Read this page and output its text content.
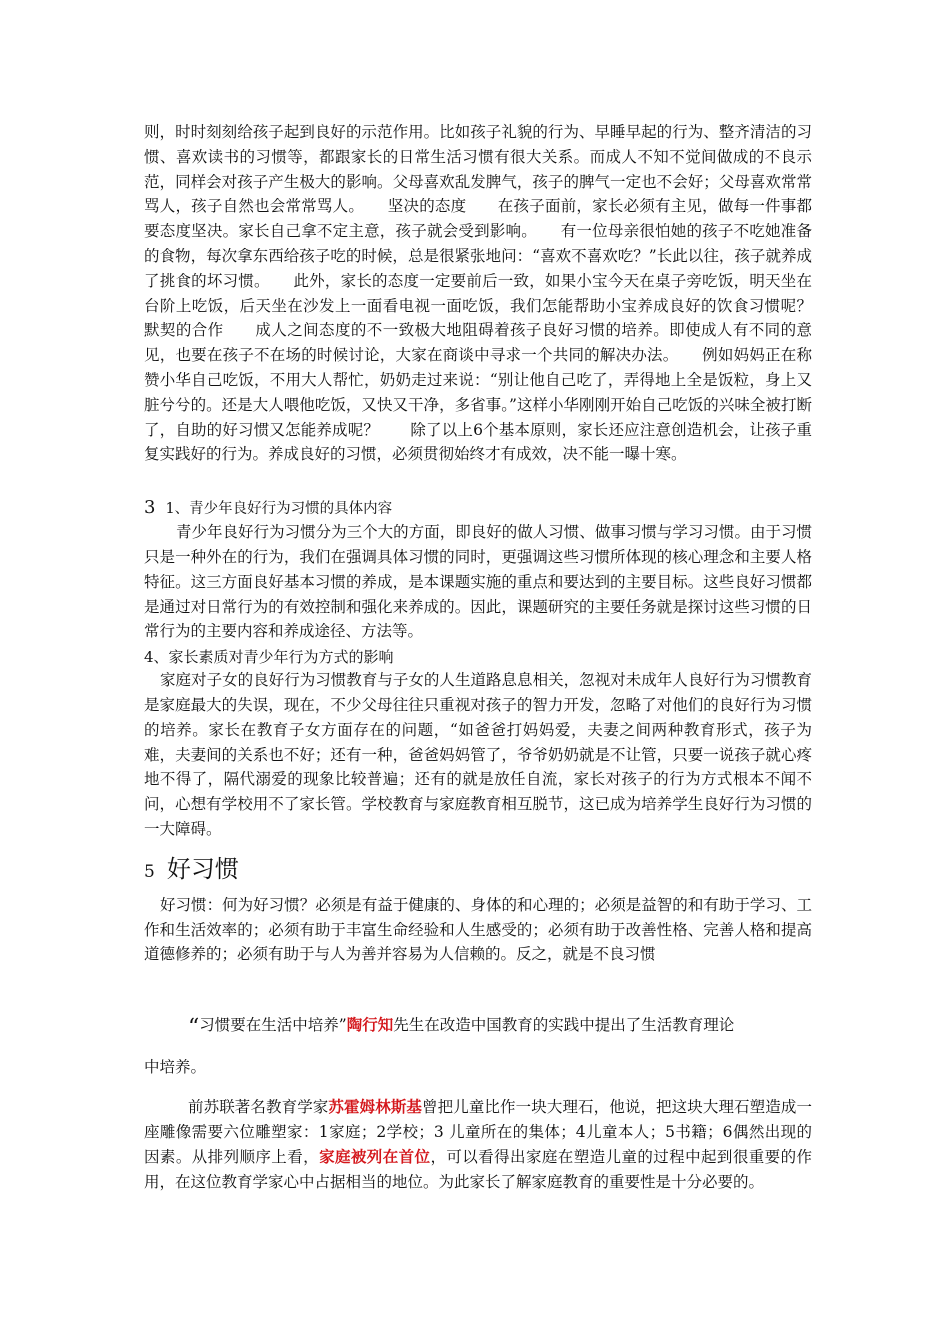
则，时时刻刻给孩子起到良好的示范作用。比如孩子礼貌的行为、早睡早起的行为、整齐清洁的习惯、喜欢读书的习惯等，都跟家长的日常生活习惯有很大关系。而成人不知不觉间做成的不良示范，同样会对孩子产生极大的影响。父母喜欢乱发脾气，孩子的脾气一定也不会好；父母喜欢常常骂人，孩子自然也会常常骂人。　　坚决的态度　　在孩子面前，家长必须有主见，做每一件事都要态度坚决。家长自己拿不定主意，孩子就会受到影响。　　有一位母亲很怕她的孩子不吃她准备的食物，每次拿东西给孩子吃的时候，总是很紧张地问：“喜欢不喜欢吃？”长此以往，孩子就养成了挑食的坏习惯。　　此外，家长的态度一定要前后一致，如果小宝今天在桌子旁吃饭，明天坐在台阶上吃饭，后天坐在沙发上一面看电视一面吃饭，我们怎能帮助小宝养成良好的饮食习惯呢？　　默契的合作　　成人之间态度的不一致极大地阻碍着孩子良好习惯的培养。即使成人有不同的意见，也要在孩子不在场的时候讨论，大家在商谈中寻求一个共同的解决办法。　　例如妈妈正在称赞小华自己吃饭，不用大人帮忙，奶奶走过来说：“别让他自己吃了，弄得地上全是饭粒，身上又脏兮兮的。还是大人喂他吃饭，又快又干净，多省事。”这样小华刚刚开始自己吃饭的兴味全被打断了，自助的好习惯又怎能养成呢？　　除了以上6个基本原则，家长还应注意创造机会，让孩子重复实践好的行为。养成良好的习惯，必须贯彻始终才有成效，决不能一曝十寒。

3 1、青少年良好行为习惯的具体内容

青少年良好行为习惯分为三个大的方面，即良好的做人习惯、做事习惯与学习习惯。由于习惯只是一种外在的行为，我们在强调具体习惯的同时，更强调这些习惯所体现的核心理念和主要人格特征。这三方面良好基本习惯的养成，是本课题实施的重点和要达到的主要目标。这些良好习惯都是通过对日常行为的有效控制和强化来养成的。因此，课题研究的主要任务就是探讨这些习惯的日常行为的主要内容和养成途径、方法等。

4、家长素质对青少年行为方式的影响

家庭对子女的良好行为习惯教育与子女的人生道路息息相关，忽视对未成年人良好行为习惯教育是家庭最大的失误，现在，不少父母往往只重视对孩子的智力开发，忽略了对他们的良好行为习惯的培养。家长在教育子女方面存在的问题，“如爸爸打妈妈爱，夫妻之间两种教育形式，孩子为难，夫妻间的关系也不好；还有一种，爸爸妈妈管了，爷爷奶奶就是不让管，只要一说孩子就心疼地不得了，隔代溺爱的现象比较普遍；还有的就是放任自流，家长对孩子的行为方式根本不闻不问，心想有学校用不了家长管。学校教育与家庭教育相互脱节，这已成为培养学生良好行为习惯的一大障碍。

5 好习惯

好习惯：何为好习惯？必须是有益于健康的、身体的和心理的；必须是益智的和有助于学习、工作和生活效率的；必须有助于丰富生命经验和人生感受的；必须有助于改善性格、完善人格和提高道德修养的；必须有助于与人为善并容易为人信赖的。反之，就是不良习惯

“习惯要在生活中培养”陶行知先生在改造中国教育的实践中提出了生活教育理论

中培养。

前苏联著名教育学家苏霍姆林斯基曾把儿童比作一块大理石，他说，把这块大理石塑造成一座雕像需要六位雕塑家：1家庭；2学校；3 儿童所在的集体；4儿童本人；5书籍；6偶然出现的因素。从排列顺序上看，家庭被列在首位，可以看得出家庭在塑造儿童的过程中起到很重要的作用，在这位教育学家心中占据相当的地位。为此家长了解家庭教育的重要性是十分必要的。
